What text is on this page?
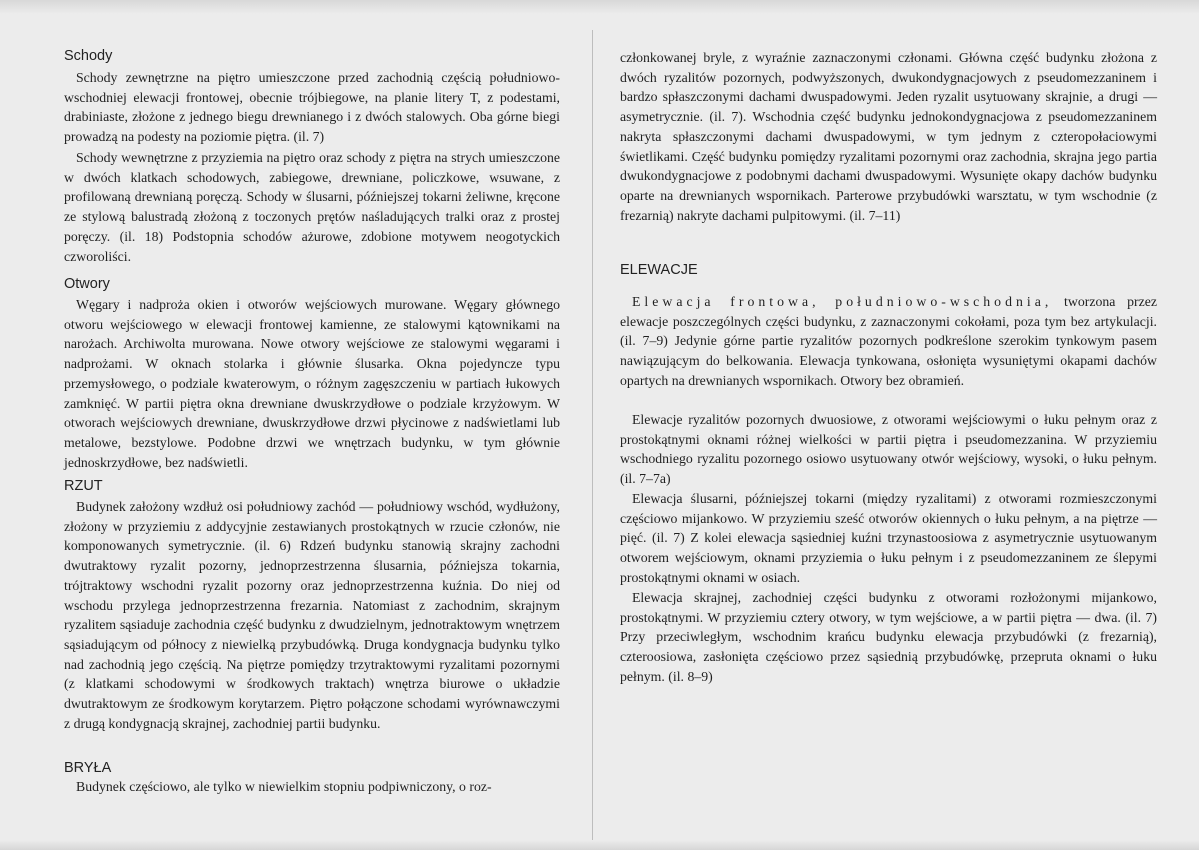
Schody

Schody zewnętrzne na piętro umieszczone przed zachodnią częścią południowo-wschodniej elewacji frontowej, obecnie trójbiegowe, na planie litery T, z podestami, drabiniaste, złożone z jednego biegu drewnianego i z dwóch stalowych. Oba górne biegi prowadzą na podesty na poziomie piętra. (il. 7)

Schody wewnętrzne z przyziemia na piętro oraz schody z piętra na strych umieszczone w dwóch klatkach schodowych, zabiegowe, drewniane, policzkowe, wsuwane, z profilowaną drewnianą poręczą. Schody w ślusarni, późniejszej tokarni żeliwne, kręcone ze stylową balustradą złożoną z toczonych prętów naśladujących tralki oraz z prostej poręczy. (il. 18) Podstopnia schodów ażurowe, zdobione motywem neogotyckich czworoliści.

Otwory

Węgary i nadproża okien i otworów wejściowych murowane. Węgary głównego otworu wejściowego w elewacji frontowej kamienne, ze stalowymi kątownikami na narożach. Archiwolta murowana. Nowe otwory wejściowe ze stalowymi węgarami i nadprożami. W oknach stolarka i głównie ślusarka. Okna pojedyncze typu przemysłowego, o podziale kwaterowym, o różnym zagęszczeniu w partiach łukowych zamknięć. W partii piętra okna drewniane dwuskrzydłowe o podziale krzyżowym. W otworach wejściowych drewniane, dwuskrzydłowe drzwi płycinowe z nadświetlami lub metalowe, bezstylowe. Podobne drzwi we wnętrzach budynku, w tym głównie jednoskrzydłowe, bez nadświetli.

RZUT

Budynek założony wzdłuż osi południowy zachód — południowy wschód, wydłużony, złożony w przyziemiu z addycyjnie zestawianych prostokątnych w rzucie członów, nie komponowanych symetrycznie. (il. 6) Rdzeń budynku stanowią skrajny zachodni dwutraktowy ryzalit pozorny, jednoprzestrzenna ślusarnia, późniejsza tokarnia, trójtraktowy wschodni ryzalit pozorny oraz jednoprzestrzenna kuźnia. Do niej od wschodu przylega jednoprzestrzenna frezarnia. Natomiast z zachodnim, skrajnym ryzalitem sąsiaduje zachodnia część budynku z dwudzielnym, jednotraktowym wnętrzem sąsiadującym od północy z niewielką przybudówką. Druga kondygnacja budynku tylko nad zachodnią jego częścią. Na piętrze pomiędzy trzytraktowymi ryzalitami pozornymi (z klatkami schodowymi w środkowych traktach) wnętrza biurowe o układzie dwutraktowym ze środkowym korytarzem. Piętro połączone schodami wyrównawczymi z drugą kondygnacją skrajnej, zachodniej partii budynku.

BRYŁA

Budynek częściowo, ale tylko w niewielkim stopniu podpiwniczony, o roz-

członkowanej bryle, z wyraźnie zaznaczonymi członami. Główna część budynku złożona z dwóch ryzalitów pozornych, podwyższonych, dwukondygnacjowych z pseudomezzaninem i bardzo spłaszczonymi dachami dwuspadowymi. Jeden ryzalit usytuowany skrajnie, a drugi — asymetrycznie. (il. 7). Wschodnia część budynku jednokondygnacjowa z pseudomezzaninem nakryta spłaszczonymi dachami dwuspadowymi, w tym jednym z czteropołaciowymi świetlikami. Część budynku pomiędzy ryzalitami pozornymi oraz zachodnia, skrajna jego partia dwukondygnacjowe z podobnymi dachami dwuspadowymi. Wysunięte okapy dachów budynku oparte na drewnianych wspornikach. Parterowe przybudówki warsztatu, w tym wschodnie (z frezarnią) nakryte dachami pulpitowymi. (il. 7–11)

ELEWACJE

Elewacja frontowa, południowo-wschodnia, tworzona przez elewacje poszczególnych części budynku, z zaznaczonymi cokołami, poza tym bez artykulacji. (il. 7–9) Jedynie górne partie ryzalitów pozornych podkreślone szerokim tynkowym pasem nawiązującym do belkowania. Elewacja tynkowana, osłonięta wysuniętymi okapami dachów opartych na drewnianych wspornikach. Otwory bez obramień.

Elewacje ryzalitów pozornych dwuosiowe, z otworami wejściowymi o łuku pełnym oraz z prostokątnymi oknami różnej wielkości w partii piętra i pseudomezzanina. W przyziemiu wschodniego ryzalitu pozornego osiowo usytuowany otwór wejściowy, wysoki, o łuku pełnym. (il. 7–7a)

Elewacja ślusarni, późniejszej tokarni (między ryzalitami) z otworami rozmieszczonymi częściowo mijankowo. W przyziemiu sześć otworów okiennych o łuku pełnym, a na piętrze — pięć. (il. 7) Z kolei elewacja sąsiedniej kuźni trzynastoosiowa z asymetrycznie usytuowanym otworem wejściowym, oknami przyziemia o łuku pełnym i z pseudomezzaninem ze ślepymi prostokątnymi oknami w osiach.

Elewacja skrajnej, zachodniej części budynku z otworami rozłożonymi mijankowo, prostokątnymi. W przyziemiu cztery otwory, w tym wejściowe, a w partii piętra — dwa. (il. 7) Przy przeciwległym, wschodnim krańcu budynku elewacja przybudówki (z frezarnią), czteroosiowa, zasłonięta częściowo przez sąsiednią przybudówkę, przepruta oknami o łuku pełnym. (il. 8–9)
